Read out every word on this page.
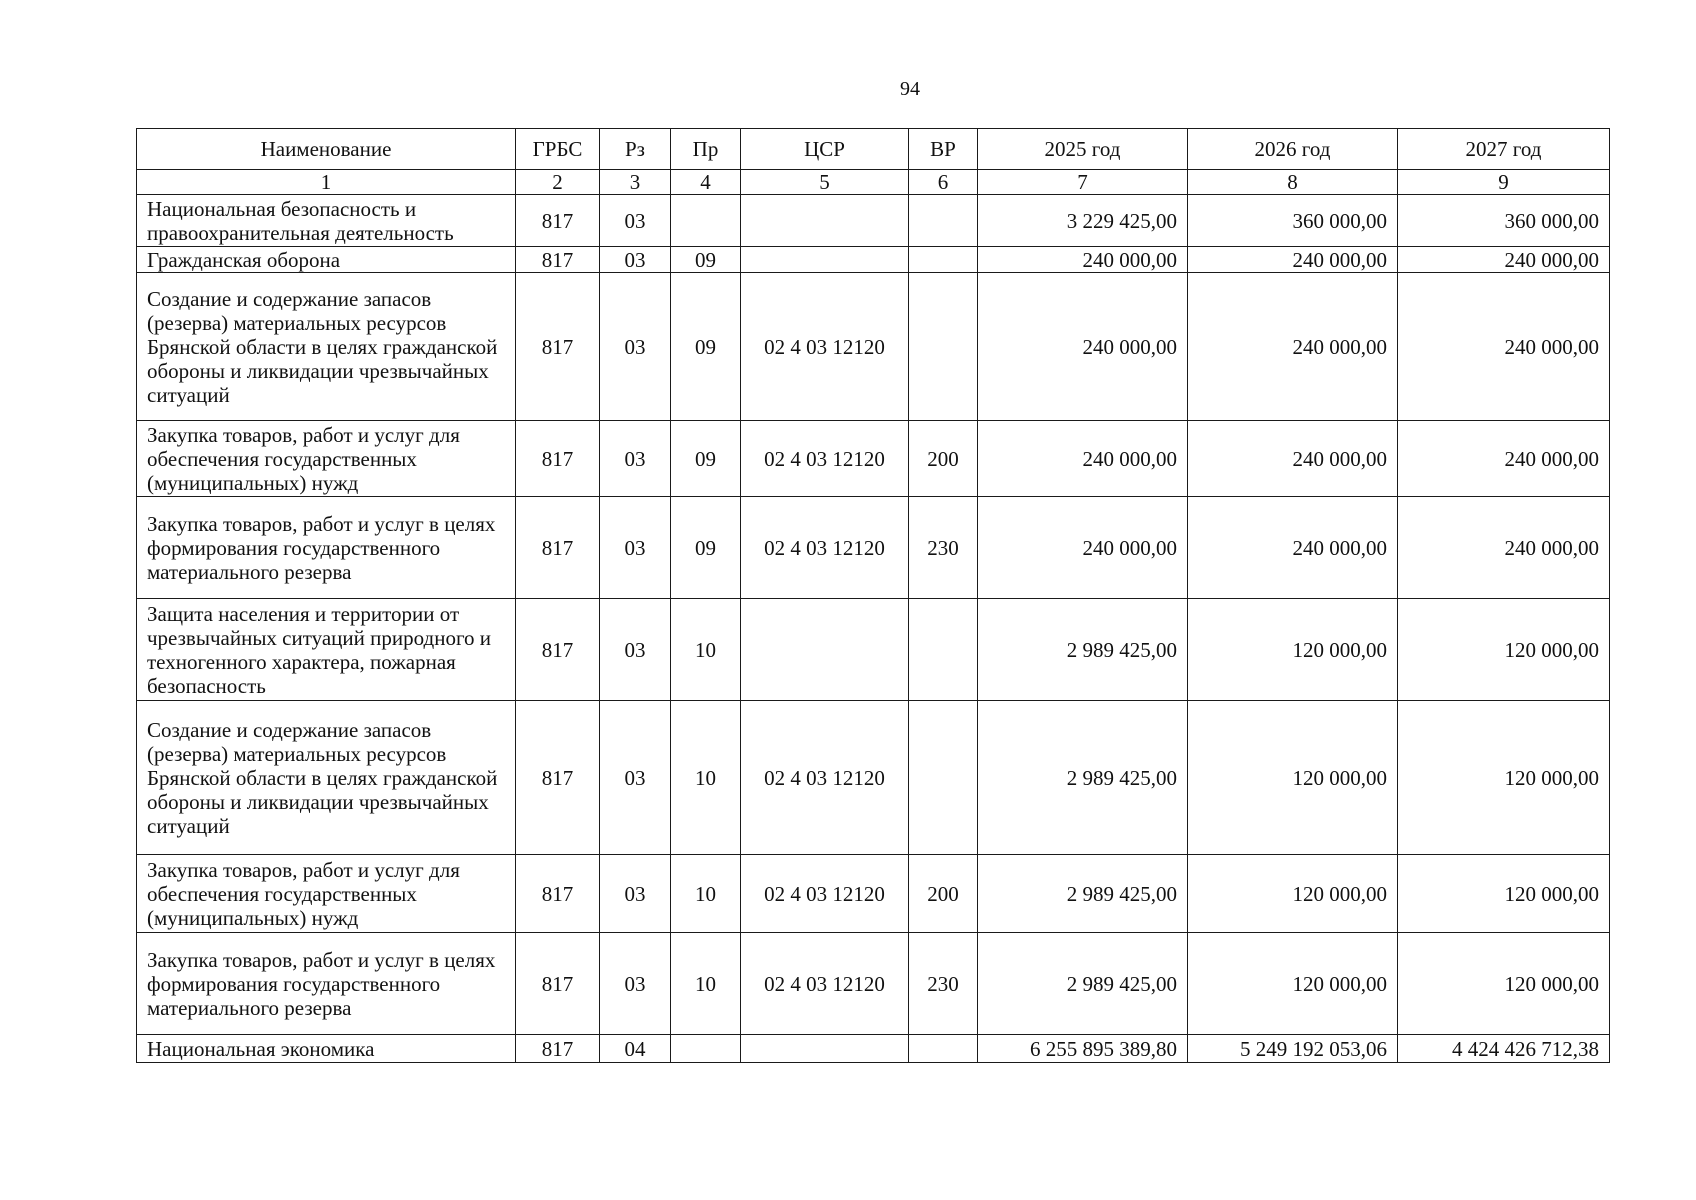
94
Наименование	ГРБС	Рз	Пр	ЦСР	ВР	2025 год	2026 год	2027 год
1	2	3	4	5	6	7	8	9
Национальная безопасность и правоохранительная деятельность	817	03				3 229 425,00	360 000,00	360 000,00
Гражданская оборона	817	03	09			240 000,00	240 000,00	240 000,00
Создание и содержание запасов (резерва) материальных ресурсов Брянской области в целях гражданской обороны и ликвидации чрезвычайных ситуаций	817	03	09	02 4 03 12120		240 000,00	240 000,00	240 000,00
Закупка товаров, работ и услуг для обеспечения государственных (муниципальных) нужд	817	03	09	02 4 03 12120	200	240 000,00	240 000,00	240 000,00
Закупка товаров, работ и услуг в целях формирования государственного материального резерва	817	03	09	02 4 03 12120	230	240 000,00	240 000,00	240 000,00
Защита населения и территории от чрезвычайных ситуаций природного и техногенного характера, пожарная безопасность	817	03	10			2 989 425,00	120 000,00	120 000,00
Создание и содержание запасов (резерва) материальных ресурсов Брянской области в целях гражданской обороны и ликвидации чрезвычайных ситуаций	817	03	10	02 4 03 12120		2 989 425,00	120 000,00	120 000,00
Закупка товаров, работ и услуг для обеспечения государственных (муниципальных) нужд	817	03	10	02 4 03 12120	200	2 989 425,00	120 000,00	120 000,00
Закупка товаров, работ и услуг в целях формирования государственного материального резерва	817	03	10	02 4 03 12120	230	2 989 425,00	120 000,00	120 000,00
Национальная экономика	817	04				6 255 895 389,80	5 249 192 053,06	4 424 426 712,38
